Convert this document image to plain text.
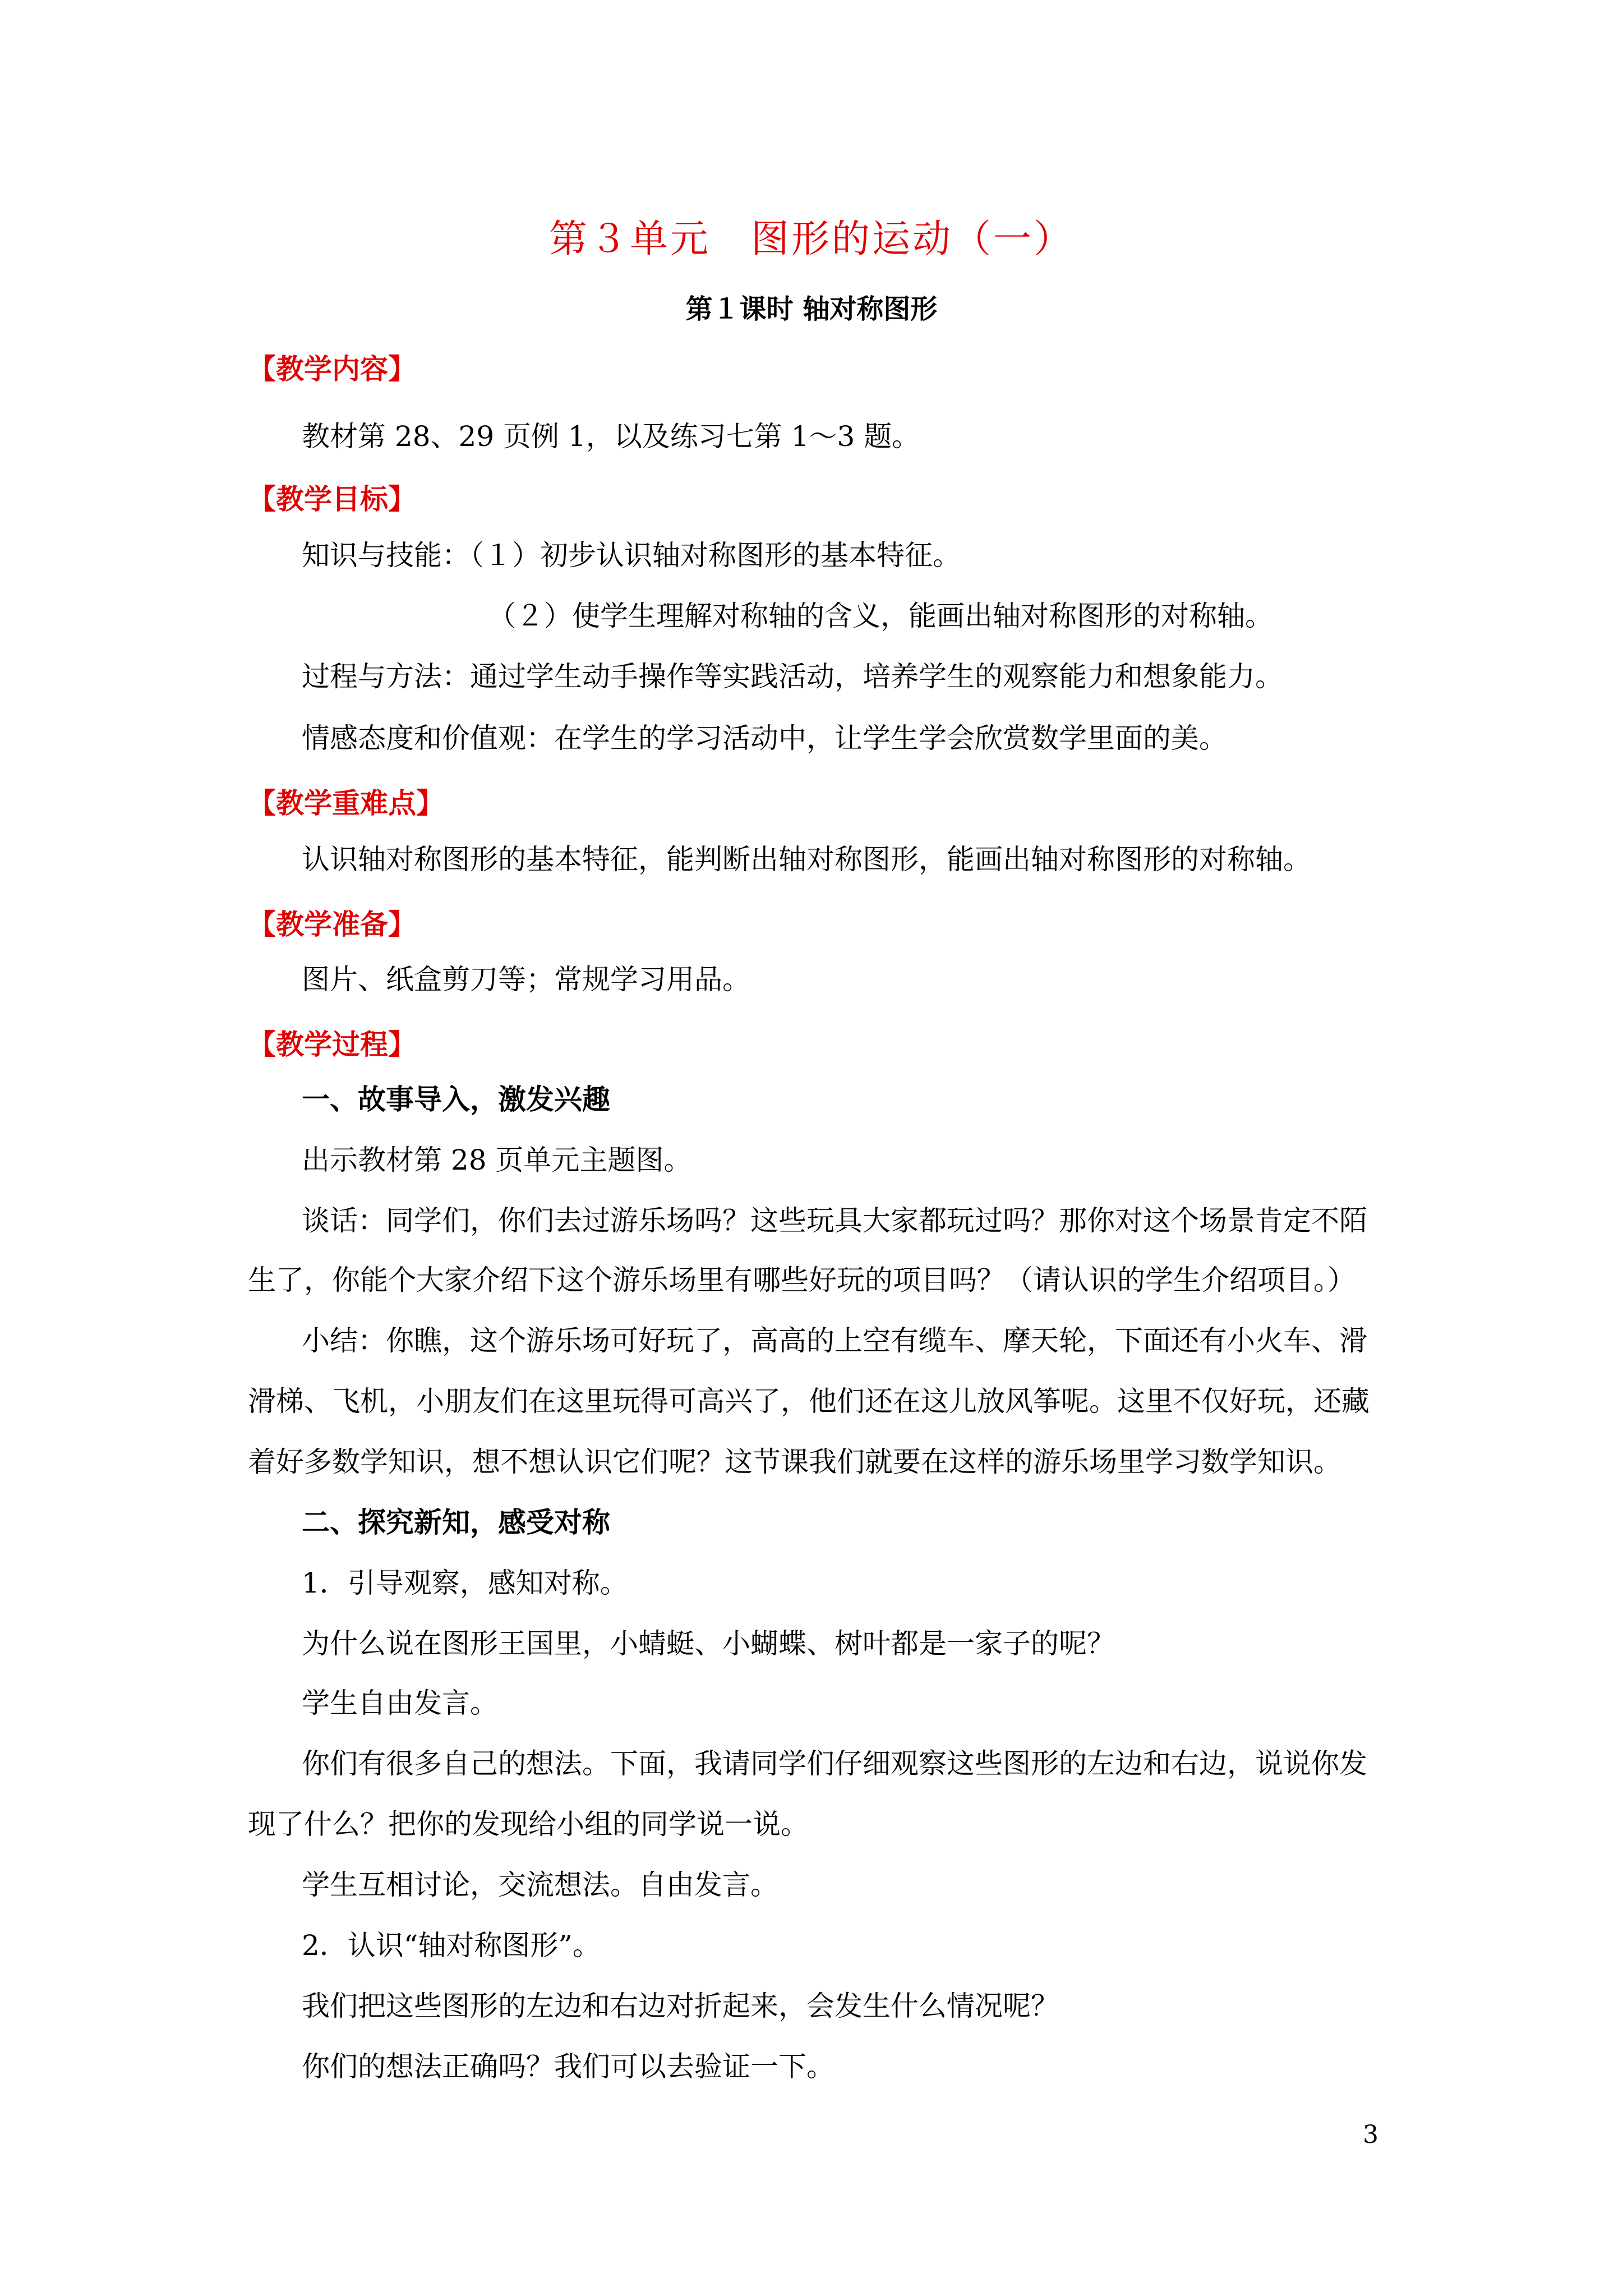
第３单元　图形的运动（一）
第１课时 轴对称图形
【教学内容】
教材第 28、29 页例 1，以及练习七第 1～3 题。
【教学目标】
知识与技能：（１）初步认识轴对称图形的基本特征。
（２）使学生理解对称轴的含义，能画出轴对称图形的对称轴。
过程与方法：通过学生动手操作等实践活动，培养学生的观察能力和想象能力。
情感态度和价值观：在学生的学习活动中，让学生学会欣赏数学里面的美。
【教学重难点】
认识轴对称图形的基本特征，能判断出轴对称图形，能画出轴对称图形的对称轴。
【教学准备】
图片、纸盒剪刀等；常规学习用品。
【教学过程】
一、故事导入，激发兴趣
出示教材第 28 页单元主题图。
谈话：同学们，你们去过游乐场吗？这些玩具大家都玩过吗？那你对这个场景肯定不陌
生了，你能个大家介绍下这个游乐场里有哪些好玩的项目吗？（请认识的学生介绍项目。）
小结：你瞧，这个游乐场可好玩了，高高的上空有缆车、摩天轮，下面还有小火车、滑
滑梯、飞机，小朋友们在这里玩得可高兴了，他们还在这儿放风筝呢。这里不仅好玩，还藏
着好多数学知识，想不想认识它们呢？这节课我们就要在这样的游乐场里学习数学知识。
二、探究新知，感受对称
1．引导观察，感知对称。
为什么说在图形王国里，小蜻蜓、小蝴蝶、树叶都是一家子的呢？
学生自由发言。
你们有很多自己的想法。下面，我请同学们仔细观察这些图形的左边和右边，说说你发
现了什么？把你的发现给小组的同学说一说。
学生互相讨论，交流想法。自由发言。
2．认识“轴对称图形”。
我们把这些图形的左边和右边对折起来，会发生什么情况呢？
你们的想法正确吗？我们可以去验证一下。
3
